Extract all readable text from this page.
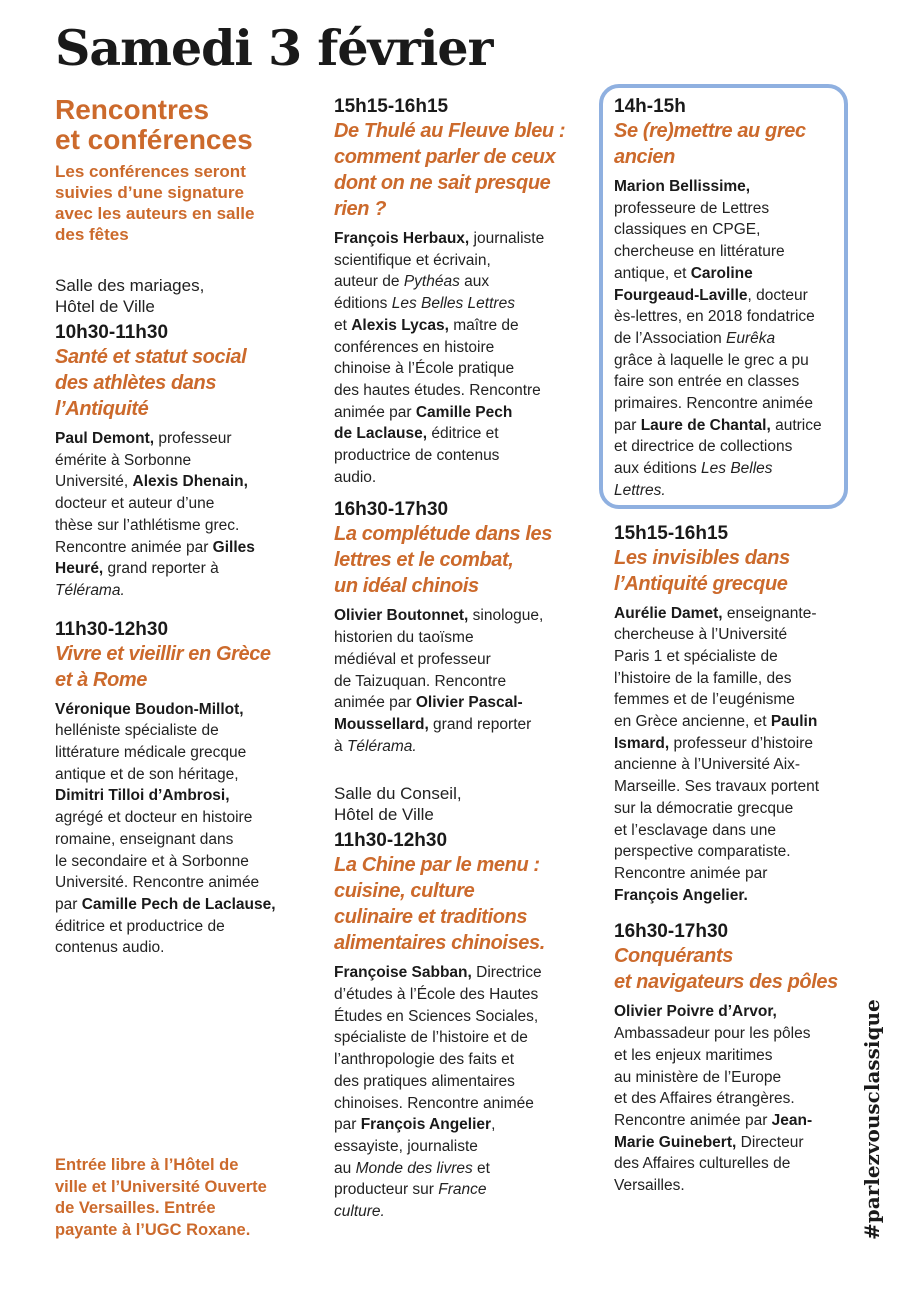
Samedi 3 février
Rencontres
et conférences
Les conférences seront
suivies d’une signature
avec les auteurs en salle
des fêtes
Salle des mariages,
Hôtel de Ville
10h30-11h30
Santé et statut social
des athlètes dans
l’Antiquité
Paul Demont, professeur
émérite à Sorbonne
Université, Alexis Dhenain,
docteur et auteur d’une
thèse sur l’athlétisme grec.
Rencontre animée par Gilles
Heuré, grand reporter à
Télérama.
11h30-12h30
Vivre et vieillir en Grèce
et à Rome
Véronique Boudon-Millot,
helléniste spécialiste de
littérature médicale grecque
antique et de son héritage,
Dimitri Tilloi d’Ambrosi,
agrégé et docteur en histoire
romaine, enseignant dans
le secondaire et à Sorbonne
Université. Rencontre animée
par Camille Pech de Laclause,
éditrice et productrice de
contenus audio.
Entrée libre à l’Hôtel de
ville et l’Université Ouverte
de Versailles. Entrée
payante à l’UGC Roxane.
15h15-16h15
De Thulé au Fleuve bleu :
comment parler de ceux
dont on ne sait presque
rien ?
François Herbaux, journaliste
scientifique et écrivain,
auteur de Pythéas aux
éditions Les Belles Lettres
et Alexis Lycas, maître de
conférences en histoire
chinoise à l’École pratique
des hautes études. Rencontre
animée par Camille Pech
de Laclause, éditrice et
productrice de contenus
audio.
16h30-17h30
La complétude dans les
lettres et le combat,
un idéal chinois
Olivier Boutonnet, sinologue,
historien du taoïsme
médiéval et professeur
de Taizuquan. Rencontre
animée par Olivier Pascal-
Moussellard, grand reporter
à Télérama.
Salle du Conseil,
Hôtel de Ville
11h30-12h30
La Chine par le menu :
cuisine, culture
culinaire et traditions
alimentaires chinoises.
Françoise Sabban, Directrice
d’études à l’École des Hautes
Études en Sciences Sociales,
spécialiste de l’histoire et de
l’anthropologie des faits et
des pratiques alimentaires
chinoises. Rencontre animée
par François Angelier,
essayiste, journaliste
au Monde des livres et
producteur sur France
culture.
14h-15h
Se (re)mettre au grec
ancien
Marion Bellissime,
professeure de Lettres
classiques en CPGE,
chercheuse en littérature
antique, et Caroline
Fourgeaud-Laville, docteur
ès-lettres, en 2018 fondatrice
de l’Association Eurêka
grâce à laquelle le grec a pu
faire son entrée en classes
primaires. Rencontre animée
par Laure de Chantal, autrice
et directrice de collections
aux éditions Les Belles
Lettres.
15h15-16h15
Les invisibles dans
l’Antiquité grecque
Aurélie Damet, enseignante-
chercheuse à l’Université
Paris 1 et spécialiste de
l’histoire de la famille, des
femmes et de l’eugénisme
en Grèce ancienne, et Paulin
Ismard, professeur d’histoire
ancienne à l’Université Aix-
Marseille. Ses travaux portent
sur la démocratie grecque
et l’esclavage dans une
perspective comparatiste.
Rencontre animée par
François Angelier.
16h30-17h30
Conquérants
et navigateurs des pôles
Olivier Poivre d’Arvor,
Ambassadeur pour les pôles
et les enjeux maritimes
au ministère de l’Europe
et des Affaires étrangères.
Rencontre animée par Jean-
Marie Guinebert, Directeur
des Affaires culturelles de
Versailles.	#parlezvousclassique
